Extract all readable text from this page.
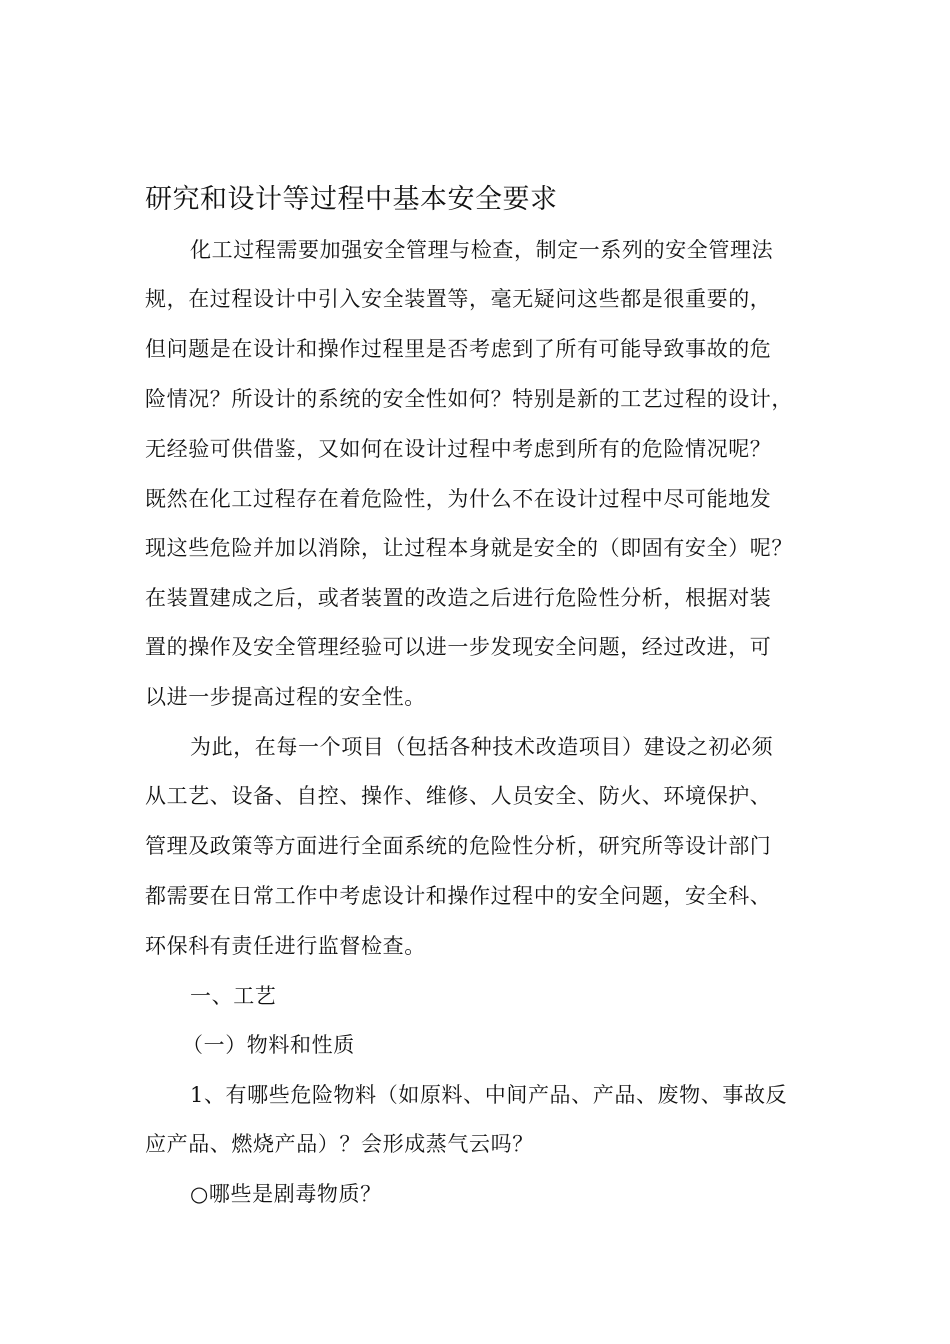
研究和设计等过程中基本安全要求
化工过程需要加强安全管理与检查，制定一系列的安全管理法
规，在过程设计中引入安全装置等，毫无疑问这些都是很重要的，
但问题是在设计和操作过程里是否考虑到了所有可能导致事故的危
险情况？所设计的系统的安全性如何？特别是新的工艺过程的设计，
无经验可供借鉴，又如何在设计过程中考虑到所有的危险情况呢？
既然在化工过程存在着危险性，为什么不在设计过程中尽可能地发
现这些危险并加以消除，让过程本身就是安全的（即固有安全）呢？
在装置建成之后，或者装置的改造之后进行危险性分析，根据对装
置的操作及安全管理经验可以进一步发现安全问题，经过改进，可
以进一步提高过程的安全性。
为此，在每一个项目（包括各种技术改造项目）建设之初必须
从工艺、设备、自控、操作、维修、人员安全、防火、环境保护、
管理及政策等方面进行全面系统的危险性分析，研究所等设计部门
都需要在日常工作中考虑设计和操作过程中的安全问题，安全科、
环保科有责任进行监督检查。
一、工艺
（一）物料和性质
1、有哪些危险物料（如原料、中间产品、产品、废物、事故反
应产品、燃烧产品）？会形成蒸气云吗？
○哪些是剧毒物质？
